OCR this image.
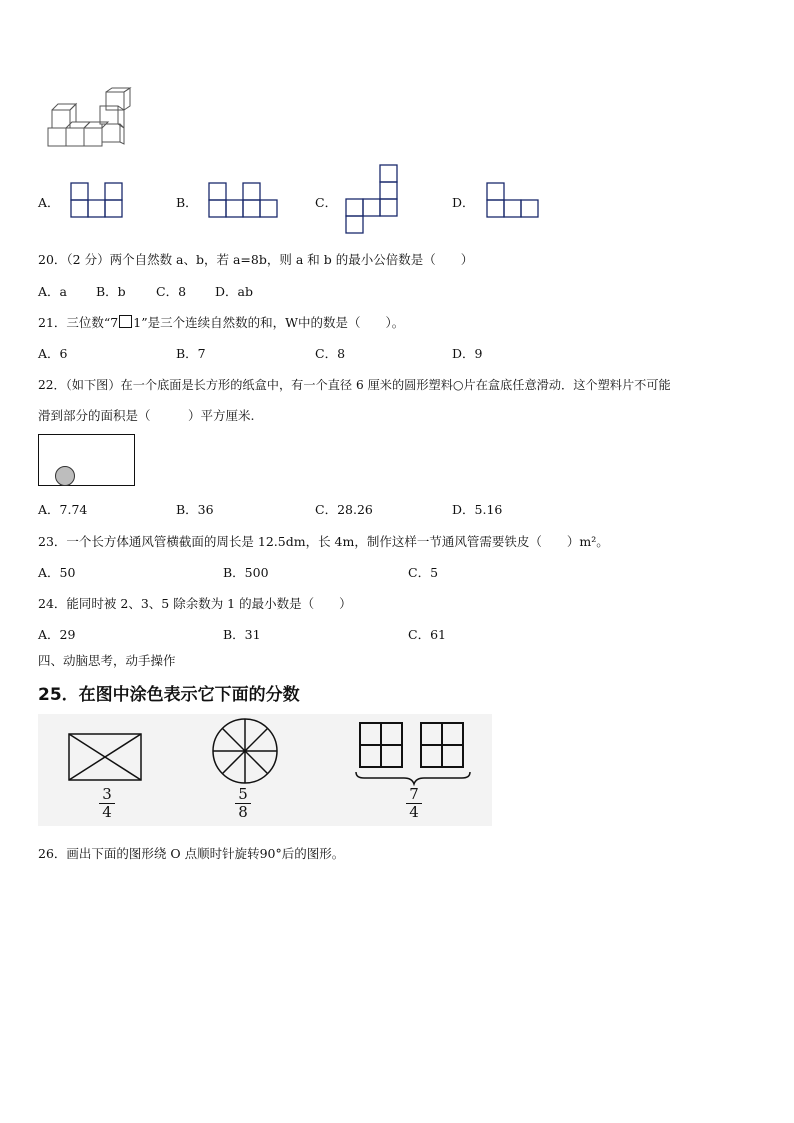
A．	B．	C．	D．
20．（2 分）两个自然数 a、b，若 a=8b，则 a 和 b 的最小公倍数是（　　）
A．a B．b C．8 D．ab
21．三位数“7 1”是三个连续自然数的和，W中的数是（　　）。
A．6	B．7	C．8	D．9
22．（如下图）在一个底面是长方形的纸盒中，有一个直径 6 厘米的圆形塑料○片在盒底任意滑动．这个塑料片不可能
滑到部分的面积是（　　　）平方厘米.
A．7.74	B．36	C．28.26	D．5.16
23．一个长方体通风管横截面的周长是 12.5dm，长 4m，制作这样一节通风管需要铁皮（　　）m²。
A．50	B．500	C．5
24．能同时被 2、3、5 除余数为 1 的最小数是（　　）
A．29	B．31	C．61
四、动脑思考，动手操作
25．在图中涂色表示它下面的分数
3
4
5
8
7
4
26．画出下面的图形绕 O 点顺时针旋转90°后的图形。
